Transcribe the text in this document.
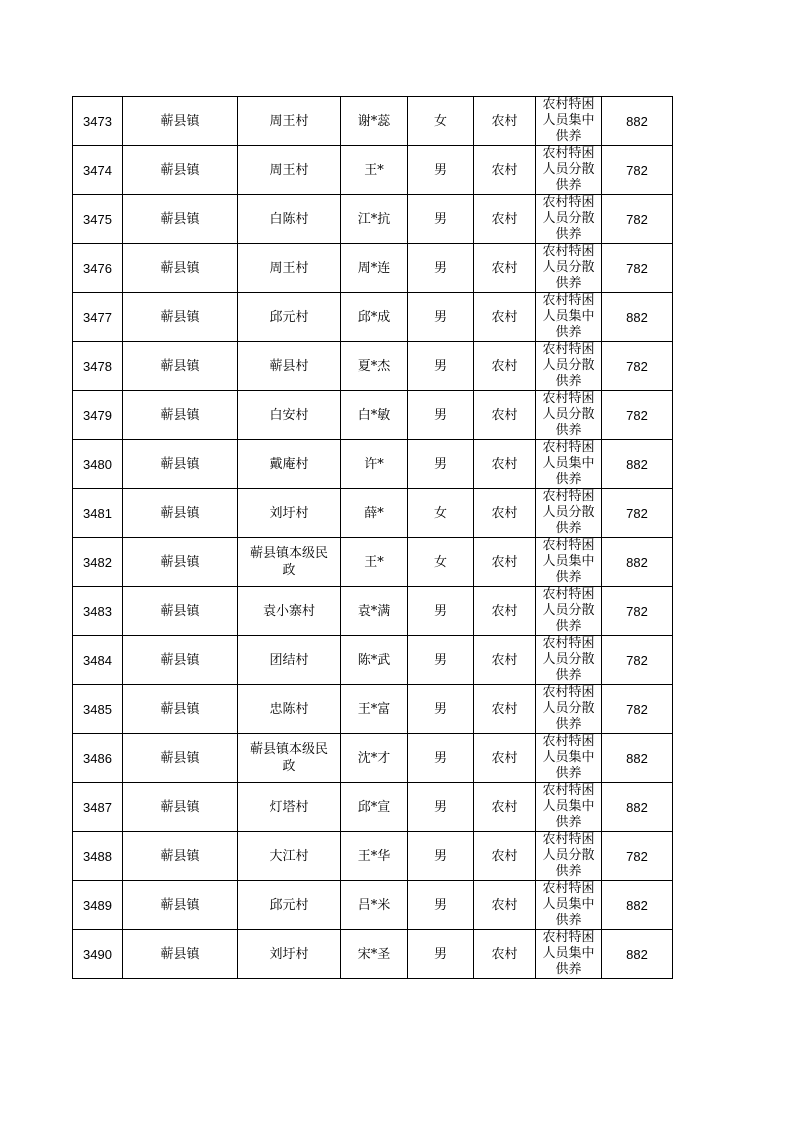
3473	蕲县镇	周王村	谢*蕊	女	农村	农村特困
人员集中
供养	882
3474	蕲县镇	周王村	王*	男	农村	农村特困
人员分散
供养	782
3475	蕲县镇	白陈村	江*抗	男	农村	农村特困
人员分散
供养	782
3476	蕲县镇	周王村	周*连	男	农村	农村特困
人员分散
供养	782
3477	蕲县镇	邱元村	邱*成	男	农村	农村特困
人员集中
供养	882
3478	蕲县镇	蕲县村	夏*杰	男	农村	农村特困
人员分散
供养	782
3479	蕲县镇	白安村	白*敏	男	农村	农村特困
人员分散
供养	782
3480	蕲县镇	戴庵村	许*	男	农村	农村特困
人员集中
供养	882
3481	蕲县镇	刘圩村	薛*	女	农村	农村特困
人员分散
供养	782
3482	蕲县镇	蕲县镇本级民
政	王*	女	农村	农村特困
人员集中
供养	882
3483	蕲县镇	袁小寨村	袁*满	男	农村	农村特困
人员分散
供养	782
3484	蕲县镇	团结村	陈*武	男	农村	农村特困
人员分散
供养	782
3485	蕲县镇	忠陈村	王*富	男	农村	农村特困
人员分散
供养	782
3486	蕲县镇	蕲县镇本级民
政	沈*才	男	农村	农村特困
人员集中
供养	882
3487	蕲县镇	灯塔村	邱*宣	男	农村	农村特困
人员集中
供养	882
3488	蕲县镇	大江村	王*华	男	农村	农村特困
人员分散
供养	782
3489	蕲县镇	邱元村	吕*米	男	农村	农村特困
人员集中
供养	882
3490	蕲县镇	刘圩村	宋*圣	男	农村	农村特困
人员集中
供养	882
